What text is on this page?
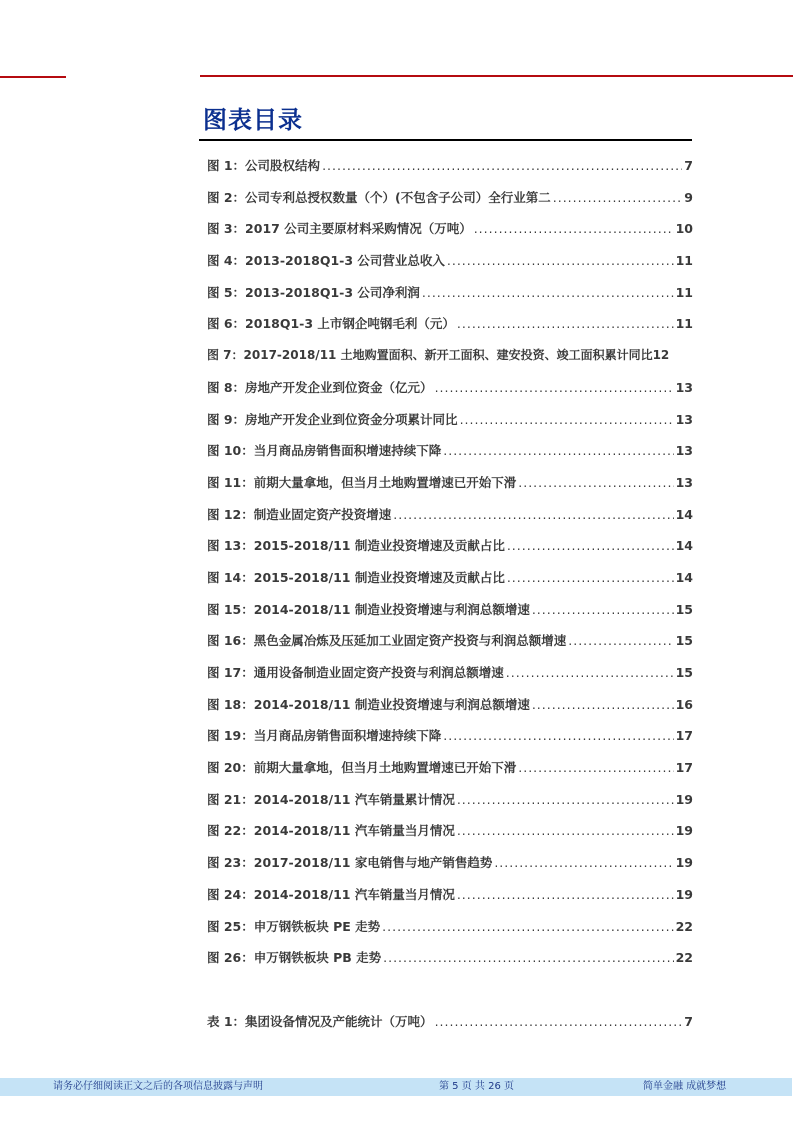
图表目录
图 1：公司股权结构 .....	7
图 2：公司专利总授权数量（个）(不包含子公司）全行业第二 .....	9
图 3：2017 公司主要原材料采购情况（万吨） .....	10
图 4：2013-2018Q1-3 公司营业总收入 .....	11
图 5：2013-2018Q1-3 公司净利润 .....	11
图 6：2018Q1-3 上市钢企吨钢毛利（元） .....	11
图 7：2017-2018/11 土地购置面积、新开工面积、建安投资、竣工面积累计同比 12
图 8：房地产开发企业到位资金（亿元） .....	13
图 9：房地产开发企业到位资金分项累计同比 .....	13
图 10：当月商品房销售面积增速持续下降 .....	13
图 11：前期大量拿地，但当月土地购置增速已开始下滑 .....	13
图 12：制造业固定资产投资增速 .....	14
图 13：2015-2018/11 制造业投资增速及贡献占比 .....	14
图 14：2015-2018/11 制造业投资增速及贡献占比 .....	14
图 15：2014-2018/11 制造业投资增速与利润总额增速 .....	15
图 16：黑色金属冶炼及压延加工业固定资产投资与利润总额增速 .....	15
图 17：通用设备制造业固定资产投资与利润总额增速 .....	15
图 18：2014-2018/11 制造业投资增速与利润总额增速 .....	16
图 19：当月商品房销售面积增速持续下降 .....	17
图 20：前期大量拿地，但当月土地购置增速已开始下滑 .....	17
图 21：2014-2018/11 汽车销量累计情况 .....	19
图 22：2014-2018/11 汽车销量当月情况 .....	19
图 23：2017-2018/11 家电销售与地产销售趋势 .....	19
图 24：2014-2018/11 汽车销量当月情况 .....	19
图 25：申万钢铁板块 PE 走势 .....	22
图 26：申万钢铁板块 PB 走势 .....	22
表 1：集团设备情况及产能统计（万吨） .....	7
请务必仔细阅读正文之后的各项信息披露与声明	第 5 页 共 26 页	简单金融 成就梦想
